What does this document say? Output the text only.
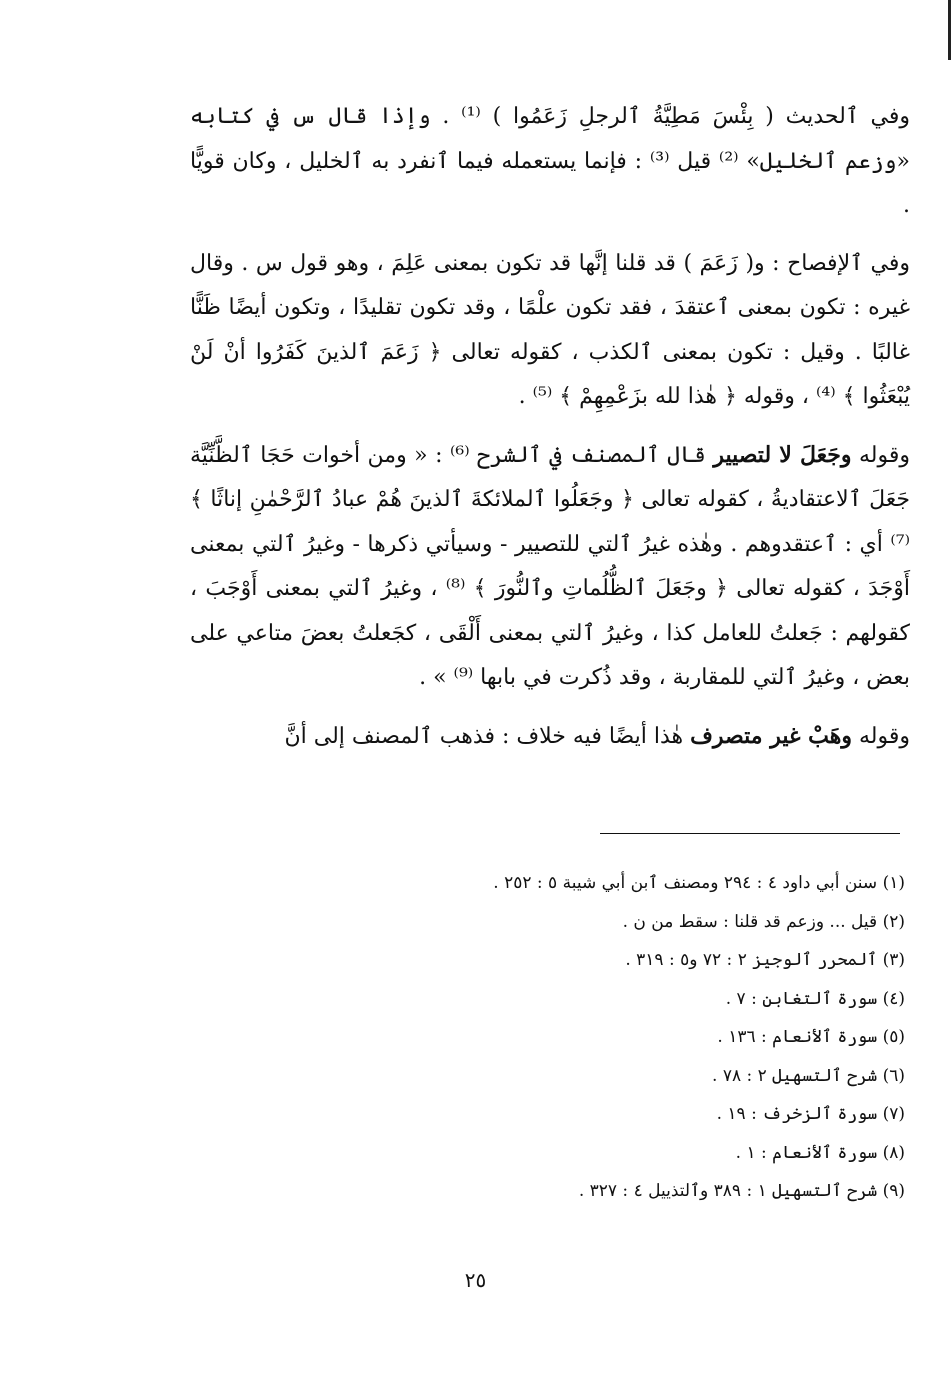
وفي ٱلحديث ( بِئْسَ مَطِيَّةُ ٱلرجلِ زَعَمُوا ) ⁽¹⁾ . وإذا قال س في كتابه «وزعم ٱلخليل» ⁽²⁾ قيل ⁽³⁾ : فإنما يستعمله فيما ٱنفرد به ٱلخليل ، وكان قويًّا .

وفي ٱلإفصاح : و( زَعَمَ ) قد قلنا إنَّها قد تكون بمعنى عَلِمَ ، وهو قول س . وقال غيره : تكون بمعنى ٱعتقدَ ، فقد تكون علْمًا ، وقد تكون تقليدًا ، وتكون أيضًا ظَنًّا غالبًا . وقيل : تكون بمعنى ٱلكذب ، كقوله تعالى ﴿ زَعَمَ ٱلذينَ كَفَرُوا أنْ لَنْ يُبْعَثُوا ﴾ ⁽⁴⁾ ، وقوله ﴿ هٰذا لله بزَعْمِهِمْ ﴾ ⁽⁵⁾ .

وقوله وجَعَلَ لا لتصيير قال ٱلمصنف في ٱلشرح ⁽⁶⁾ : « ومن أخوات حَجَا ٱلظَّنِّيَّة جَعَلَ ٱلاعتقاديةُ ، كقوله تعالى ﴿ وجَعَلُوا ٱلملائكةَ ٱلذينَ هُمْ عبادُ ٱلرَّحْمٰنِ إناثًا ﴾ ⁽⁷⁾ أي : ٱعتقدوهم . وهٰذه غيرُ ٱلتي للتصيير - وسيأتي ذكرها - وغيرُ ٱلتي بمعنى أَوْجَدَ ، كقوله تعالى ﴿ وجَعَلَ ٱلظُّلُماتِ وٱلنُّورَ ﴾ ⁽⁸⁾ ، وغيرُ ٱلتي بمعنى أَوْجَبَ ، كقولهم : جَعلتُ للعامل كذا ، وغيرُ ٱلتي بمعنى أَلْقَى ، كجَعلتُ بعضَ متاعي على بعض ، وغيرُ ٱلتي للمقاربة ، وقد ذُكرت في بابها ⁽⁹⁾ » .

وقوله وهَبْ غير متصرف هٰذا أيضًا فيه خلاف : فذهب ٱلمصنف إلى أنَّ

(١) سنن أبي داود ٤ : ٢٩٤ ومصنف ٱبن أبي شيبة ٥ : ٢٥٢ .
(٢) قيل ... وزعم قد قلنا : سقط من ن .
(٣) ٱلمحرر ٱلوجيز ٢ : ٧٢ و٥ : ٣١٩ .
(٤) سورة ٱلتغابن : ٧ .
(٥) سورة ٱلأنعام : ١٣٦ .
(٦) شرح ٱلتسهيل ٢ : ٧٨ .
(٧) سورة ٱلزخرف : ١٩ .
(٨) سورة ٱلأنعام : ١ .
(٩) شرح ٱلتسهيل ١ : ٣٨٩ وٱلتذييل ٤ : ٣٢٧ .
٢٥
